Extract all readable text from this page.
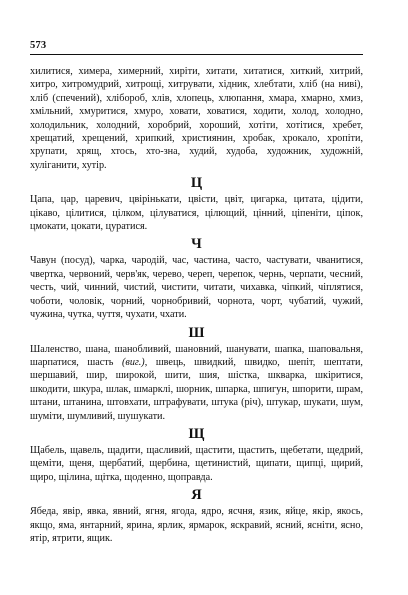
573

хилитися, химера, химерний, хиріти, хитати, хитатися, хиткий, хитрий, хитро, хитромудрий, хитрощі, хитрувати, хідник, хлебтати, хліб (на ниві), хліб (спечений), хлібороб, хлів, хлопець, хлюпання, хмара, хмарно, хмиз, хмільний, хмуритися, хмуро, ховати, ховатися, ходити, холод, холодно, холодильник, холодний, хоробрий, хороший, хотіти, хотітися, хребет, хрещатий, хрещений, хрипкий, християнин, хробак, хрокало, хропіти, хрупати, хрящ, хтось, хто-зна, худий, худоба, художник, художній, хуліганити, хутір.

Ц

Цапа, цар, царевич, цвірінькати, цвісти, цвіт, цигарка, цитата, цідити, цікаво, цілитися, цілком, цілуватися, цілющий, цінний, ціпеніти, ціпок, цмокати, цокати, цуратися.

Ч

Чавун (посуд), чарка, чародій, час, частина, часто, частувати, чванитися, чвертка, червоний, черв'як, черево, череп, черепок, чернь, черпати, чесний, честь, чий, чинний, чистий, чистити, читати, чихавка, чіпкий, чіплятися, чоботи, чоловік, чорний, чорнобривий, чорнота, чорт, чубатий, чужий, чужина, чутка, чуття, чухати, чхати.

Ш

Шаленство, шана, шанобливий, шановний, шанувати, шапка, шаповальня, шарпатися, шасть (виг.), швець, швидкий, швидко, шепіт, шептати, шершавий, шир, широкой, шити, шия, шістка, шкварка, шкіритися, шкодити, шкура, шлак, шмарклі, шорник, шпарка, шпигун, шпорити, шрам, штани, штанина, штовхати, штрафувати, штука (річ), штукар, шукати, шум, шуміти, шумливий, шушукати.

Щ

Щабель, щавель, щадити, щасливий, щастити, щастить, щебетати, щедрий, щеміти, щеня, щербатий, щербина, щетинистий, щипати, щипці, щирий, щиро, щілина, щітка, щоденно, щоправда.

Я

Ябеда, явір, явка, явний, ягня, ягода, ядро, ясчня, язик, яйце, якір, якось, якщо, яма, янтарний, ярина, ярлик, ярмарок, яскравий, ясний, ясніти, ясно, ятір, ятрити, ящик.
